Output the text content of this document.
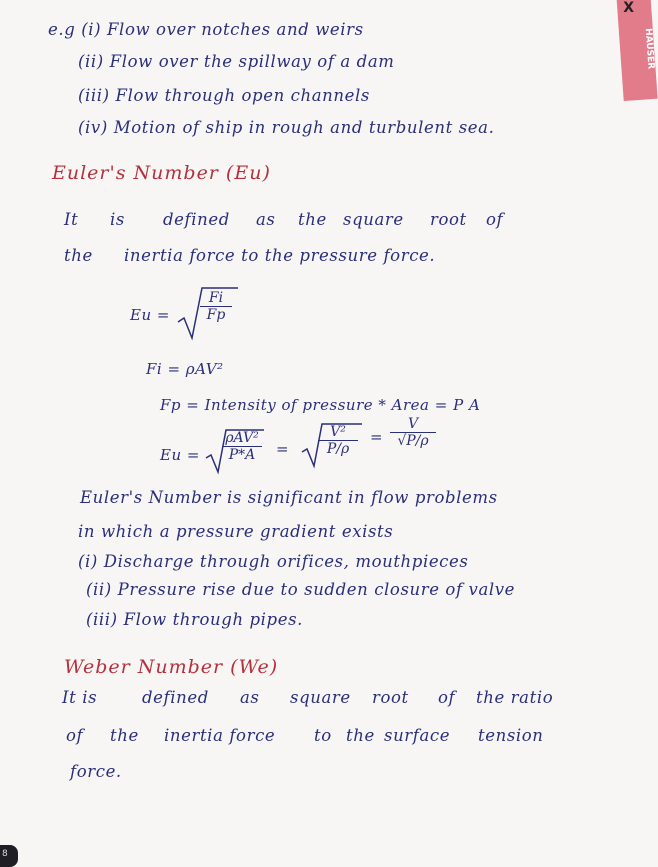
HAUSER
X
e.g (i) Flow over notches and weirs
(ii) Flow over the spillway of a dam
(iii) Flow through open channels
(iv) Motion of ship in rough and turbulent sea.
Euler's Number (Eu)
It is defined as the square root of
the inertia force to the pressure force.
Eu =
Fi
Fp
Fi = ρAV²
Fp = Intensity of pressure * Area = P A
Eu =
ρAV²
P*A	=
V²
P/ρ
=
V
√P/ρ
Euler's Number is significant in flow problems
in which a pressure gradient exists
(i) Discharge through orifices, mouthpieces
(ii) Pressure rise due to sudden closure of valve
(iii) Flow through pipes.
Weber Number (We)
It is	defined as square root of the ratio
of the inertia force to the surface tension
force.
8
